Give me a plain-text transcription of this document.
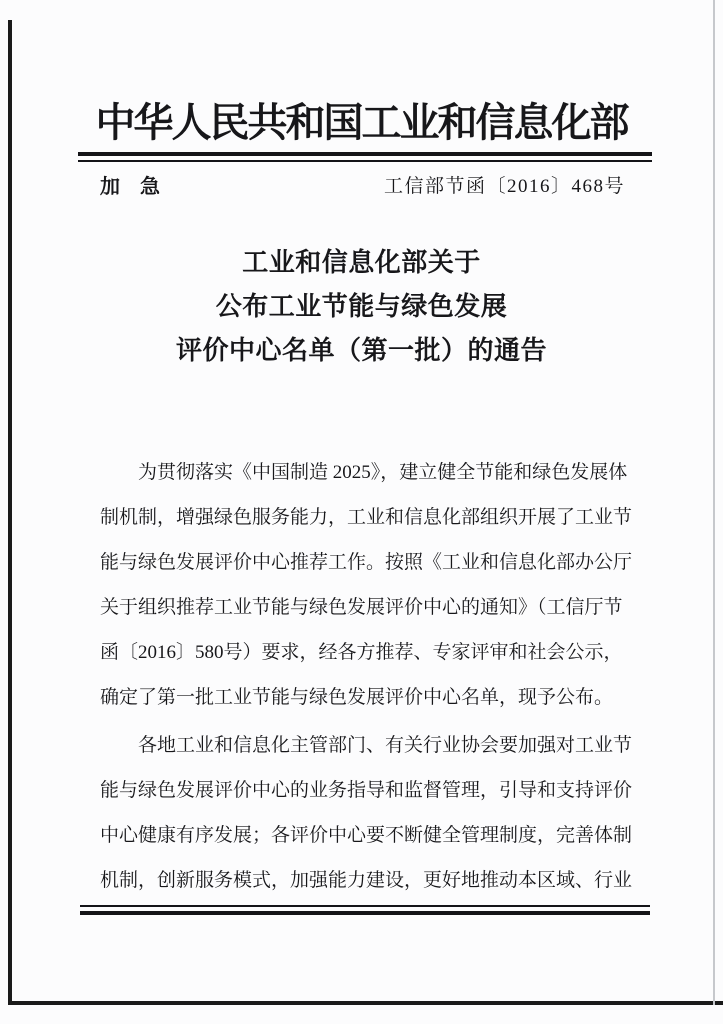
中华人民共和国工业和信息化部
加　急	工信部节函〔2016〕468号
工业和信息化部关于
公布工业节能与绿色发展
评价中心名单（第一批）的通告
为贯彻落实《中国制造 2025》，建立健全节能和绿色发展体
制机制，增强绿色服务能力，工业和信息化部组织开展了工业节
能与绿色发展评价中心推荐工作。按照《工业和信息化部办公厅
关于组织推荐工业节能与绿色发展评价中心的通知》（工信厅节
函〔2016〕580号）要求，经各方推荐、专家评审和社会公示，
确定了第一批工业节能与绿色发展评价中心名单，现予公布。
各地工业和信息化主管部门、有关行业协会要加强对工业节
能与绿色发展评价中心的业务指导和监督管理，引导和支持评价
中心健康有序发展；各评价中心要不断健全管理制度，完善体制
机制，创新服务模式，加强能力建设，更好地推动本区域、行业
